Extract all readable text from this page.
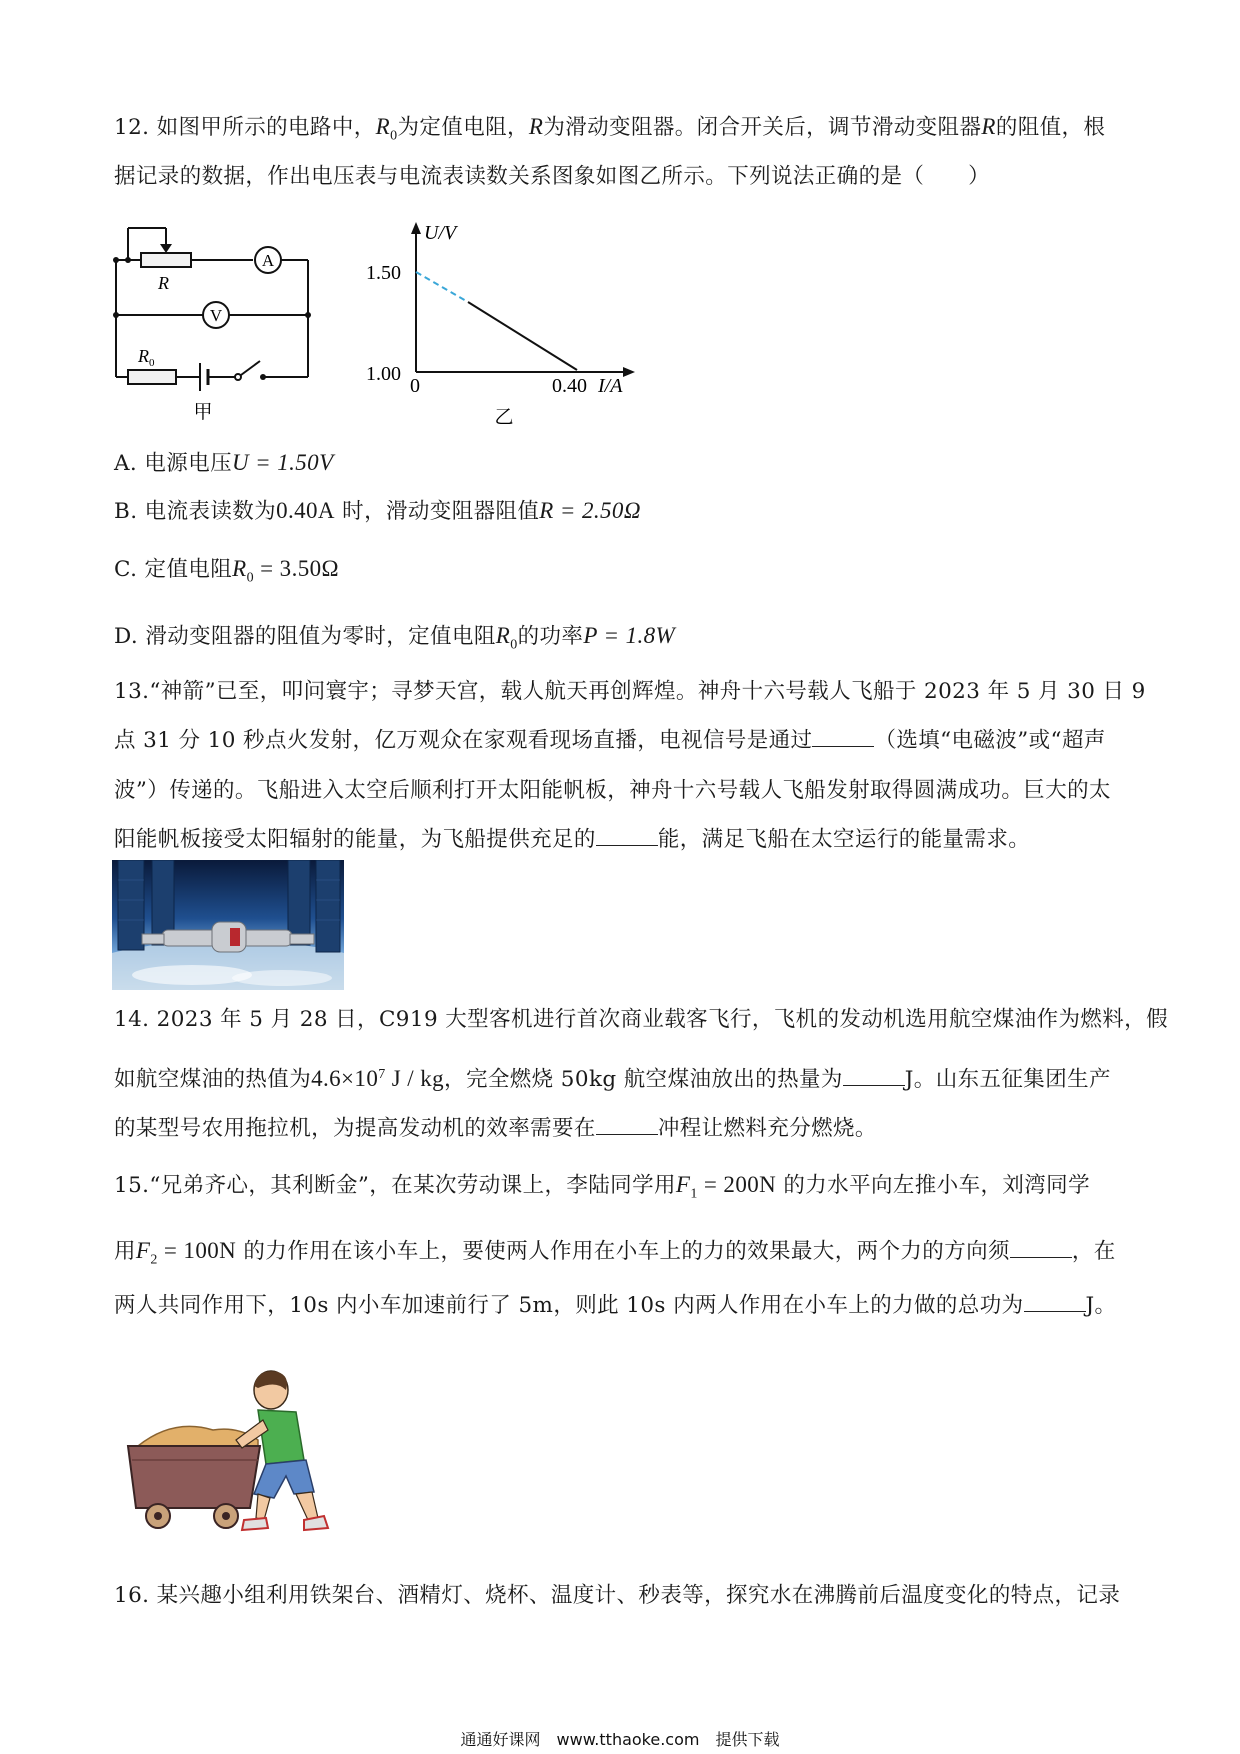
12. 如图甲所示的电路中，$R_0$为定值电阻，R为滑动变阻器。闭合开关后，调节滑动变阻器R的阻值，根
据记录的数据，作出电压表与电流表读数关系图象如图乙所示。下列说法正确的是（　　）
A
V
R
$R_0$
甲
U/V
1.50
1.00
0	0.40 I/A
乙
A. 电源电压U = 1.50V
B. 电流表读数为0.40A 时，滑动变阻器阻值R = 2.50Ω
C. 定值电阻$R_0 = 3.50\Omega$
D. 滑动变阻器的阻值为零时，定值电阻$R_0$的功率P = 1.8W
13.“神箭”已至，叩问寰宇；寻梦天宫，载人航天再创辉煌。神舟十六号载人飞船于 2023 年 5 月 30 日 9
点 31 分 10 秒点火发射，亿万观众在家观看现场直播，电视信号是通过	（选填“电磁波”或“超声
波”）传递的。飞船进入太空后顺利打开太阳能帆板，神舟十六号载人飞船发射取得圆满成功。巨大的太
阳能帆板接受太阳辐射的能量，为飞船提供充足的	能，满足飞船在太空运行的能量需求。
14. 2023 年 5 月 28 日，C919 大型客机进行首次商业载客飞行，飞机的发动机选用航空煤油作为燃料，假
如航空煤油的热值为$4.6\times 10^7$ J / kg，完全燃烧 50kg 航空煤油放出的热量为	J。山东五征集团生产
的某型号农用拖拉机，为提高发动机的效率需要在	冲程让燃料充分燃烧。
15.“兄弟齐心，其利断金”，在某次劳动课上，李陆同学用$F_1 = 200N$ 的力水平向左推小车，刘湾同学
用$F_2 = 100N$ 的力作用在该小车上，要使两人作用在小车上的力的效果最大，两个力的方向须	，在
两人共同作用下，10s 内小车加速前行了 5m，则此 10s 内两人作用在小车上的力做的总功为	J。
16. 某兴趣小组利用铁架台、酒精灯、烧杯、温度计、秒表等，探究水在沸腾前后温度变化的特点，记录
通通好课网　www.tthaoke.com　提供下载
